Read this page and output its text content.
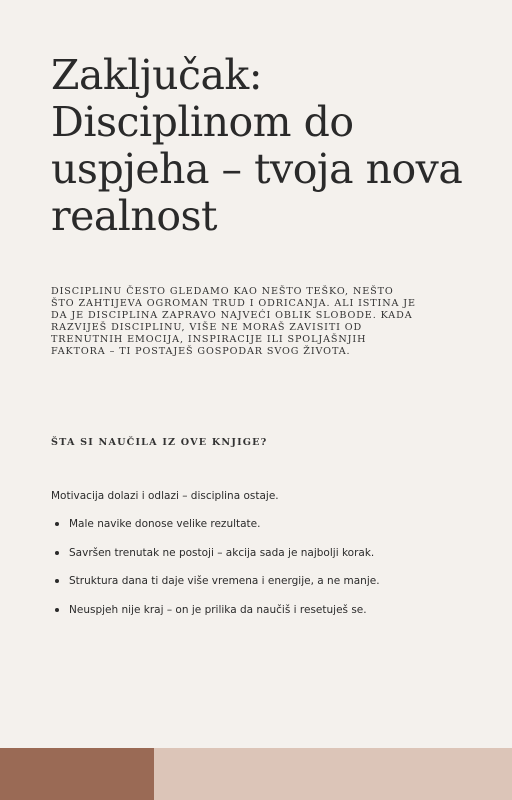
Zaključak: Disciplinom do uspjeha – tvoja nova realnost

DISCIPLINU ČESTO GLEDAMO KAO NEŠTO TEŠKO, NEŠTO ŠTO ZAHTIJEVA OGROMAN TRUD I ODRICANJA. ALI ISTINA JE DA JE DISCIPLINA ZAPRAVO NAJVEĆI OBLIK SLOBODE. KADA RAZVIJEŠ DISCIPLINU, VIŠE NE MORAŠ ZAVISITI OD TRENUTNIH EMOCIJA, INSPIRACIJE ILI SPOLJAŠNJIH FAKTORA – TI POSTAJEŠ GOSPODAR SVOG ŽIVOTA.

ŠTA SI NAUČILA IZ OVE KNJIGE?

Motivacija dolazi i odlazi – disciplina ostaje.

Male navike donose velike rezultate.
Savršen trenutak ne postoji – akcija sada je najbolji korak.
Struktura dana ti daje više vremena i energije, a ne manje.
Neuspjeh nije kraj – on je prilika da naučiš i resetuješ se.
